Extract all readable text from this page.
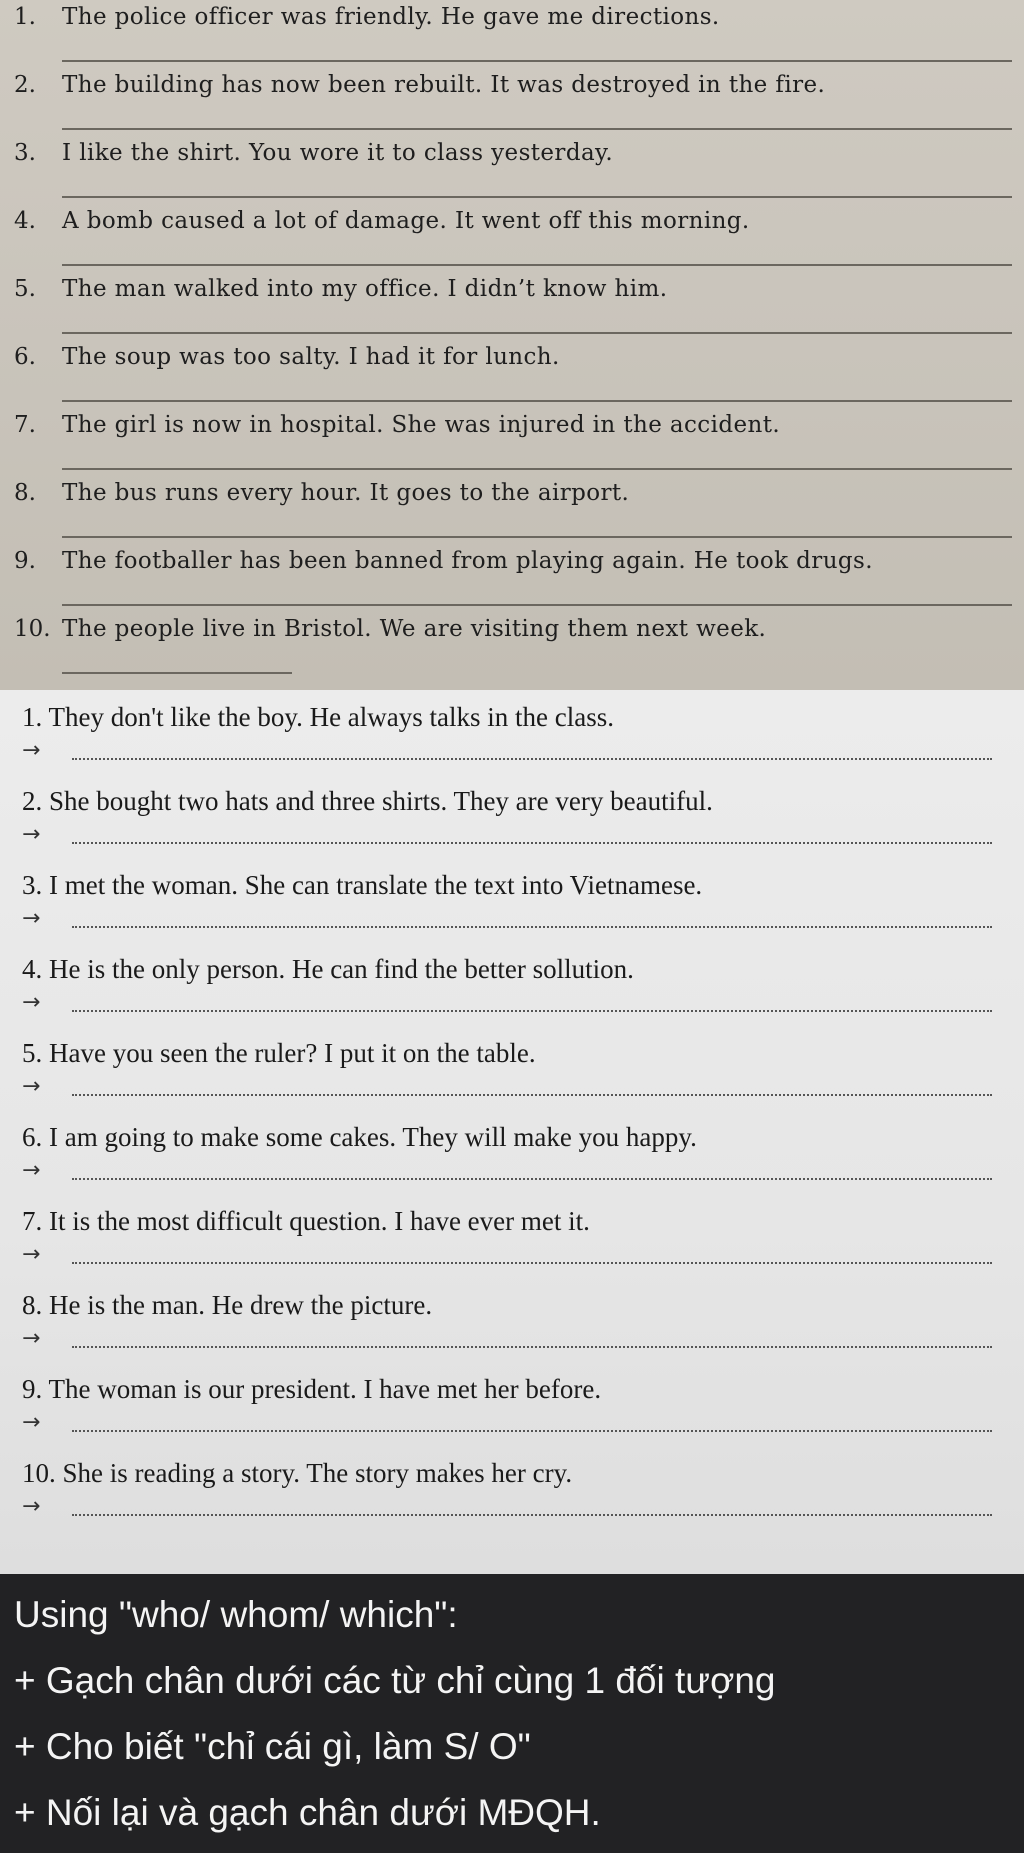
1.	The police officer was friendly. He gave me directions.
2.	The building has now been rebuilt. It was destroyed in the fire.
3.	I like the shirt. You wore it to class yesterday.
4.	A bomb caused a lot of damage. It went off this morning.
5.	The man walked into my office. I didn’t know him.
6.	The soup was too salty. I had it for lunch.
7.	The girl is now in hospital. She was injured in the accident.
8.	The bus runs every hour. It goes to the airport.
9.	The footballer has been banned from playing again. He took drugs.
10. The people live in Bristol. We are visiting them next week.
1. They don't like the boy. He always talks in the class.
→
2. She bought two hats and three shirts. They are very beautiful.
→
3. I met the woman. She can translate the text into Vietnamese.
→
4. He is the only person. He can find the better sollution.
→
5. Have you seen the ruler? I put it on the table.
→
6. I am going to make some cakes. They will make you happy.
→
7. It is the most difficult question. I have ever met it.
→
8. He is the man. He drew the picture.
→
9. The woman is our president. I have met her before.
→
10. She is reading a story. The story makes her cry.
→
Using "who/ whom/ which":
+ Gạch chân dưới các từ chỉ cùng 1 đối tượng
+ Cho biết "chỉ cái gì, làm S/ O"
+ Nối lại và gạch chân dưới MĐQH.
